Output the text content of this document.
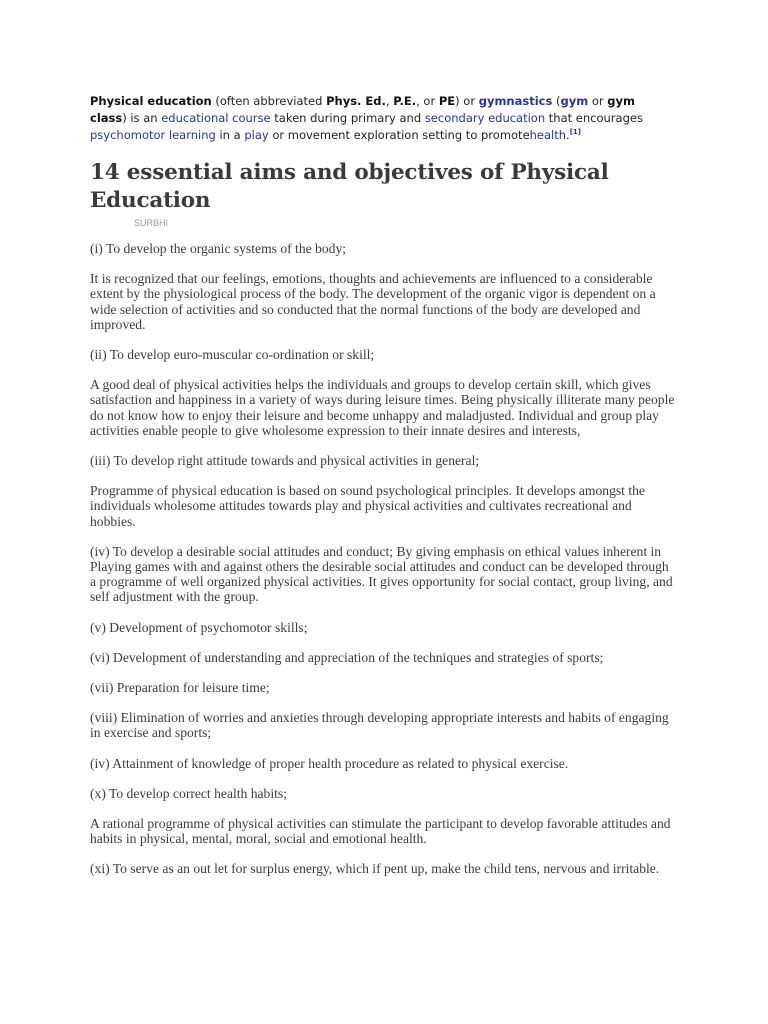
Physical education (often abbreviated Phys. Ed., P.E., or PE) or gymnastics (gym or gym class) is an educational course taken during primary and secondary education that encourages psychomotor learning in a play or movement exploration setting to promotehealth.[1]

14 essential aims and objectives of Physical Education
SURBHI

(i) To develop the organic systems of the body;

It is recognized that our feelings, emotions, thoughts and achievements are influenced to a considerable extent by the physiological process of the body. The development of the organic vigor is dependent on a wide selection of activities and so conducted that the normal functions of the body are developed and improved.

(ii) To develop euro-muscular co-ordination or skill;

A good deal of physical activities helps the individuals and groups to develop certain skill, which gives satisfaction and happiness in a variety of ways during leisure times. Being physically illiterate many people do not know how to enjoy their leisure and become unhappy and maladjusted. Individual and group play activities enable people to give wholesome expression to their innate desires and interests,

(iii) To develop right attitude towards and physical activities in general;

Programme of physical education is based on sound psychological principles. It develops amongst the individuals wholesome attitudes towards play and physical activities and cultivates recreational and hobbies.

(iv) To develop a desirable social attitudes and conduct; By giving emphasis on ethical values inherent in Playing games with and against others the desirable social attitudes and conduct can be developed through a programme of well organized physical activities. It gives opportunity for social contact, group living, and self adjustment with the group.

(v) Development of psychomotor skills;

(vi) Development of understanding and appreciation of the techniques and strategies of sports;

(vii) Preparation for leisure time;

(viii) Elimination of worries and anxieties through developing appropriate interests and habits of engaging in exercise and sports;

(iv) Attainment of knowledge of proper health procedure as related to physical exercise.

(x) To develop correct health habits;

A rational programme of physical activities can stimulate the participant to develop favorable attitudes and habits in physical, mental, moral, social and emotional health.

(xi) To serve as an out let for surplus energy, which if pent up, make the child tens, nervous and irritable.
